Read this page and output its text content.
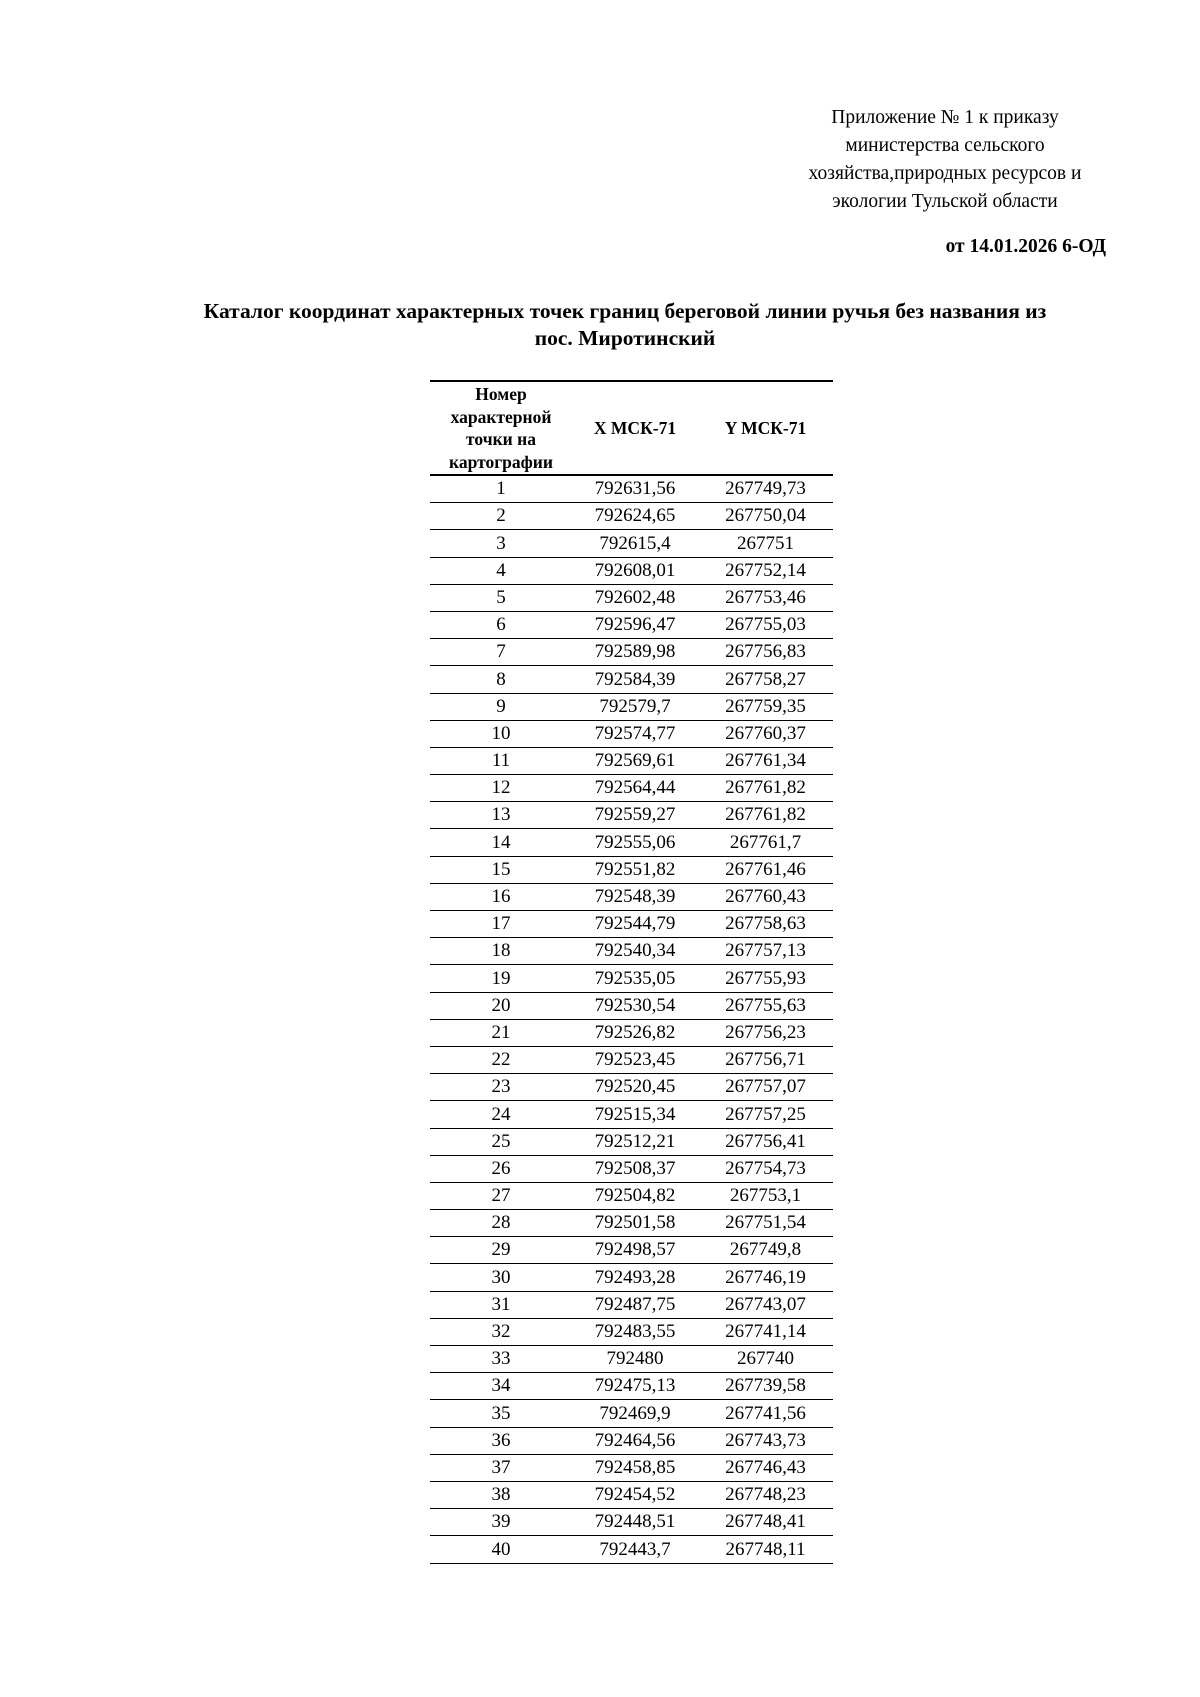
Приложение № 1 к приказу
министерства сельского
хозяйства,природных ресурсов и
экологии Тульской области
от 14.01.2026 6-ОД
Каталог координат характерных точек границ береговой линии ручья без названия из
пос. Миротинский
Номер характерной точки на картографии	X МСК-71	Y МСК-71
1	792631,56	267749,73
2	792624,65	267750,04
3	792615,4	267751
4	792608,01	267752,14
5	792602,48	267753,46
6	792596,47	267755,03
7	792589,98	267756,83
8	792584,39	267758,27
9	792579,7	267759,35
10	792574,77	267760,37
11	792569,61	267761,34
12	792564,44	267761,82
13	792559,27	267761,82
14	792555,06	267761,7
15	792551,82	267761,46
16	792548,39	267760,43
17	792544,79	267758,63
18	792540,34	267757,13
19	792535,05	267755,93
20	792530,54	267755,63
21	792526,82	267756,23
22	792523,45	267756,71
23	792520,45	267757,07
24	792515,34	267757,25
25	792512,21	267756,41
26	792508,37	267754,73
27	792504,82	267753,1
28	792501,58	267751,54
29	792498,57	267749,8
30	792493,28	267746,19
31	792487,75	267743,07
32	792483,55	267741,14
33	792480	267740
34	792475,13	267739,58
35	792469,9	267741,56
36	792464,56	267743,73
37	792458,85	267746,43
38	792454,52	267748,23
39	792448,51	267748,41
40	792443,7	267748,11
